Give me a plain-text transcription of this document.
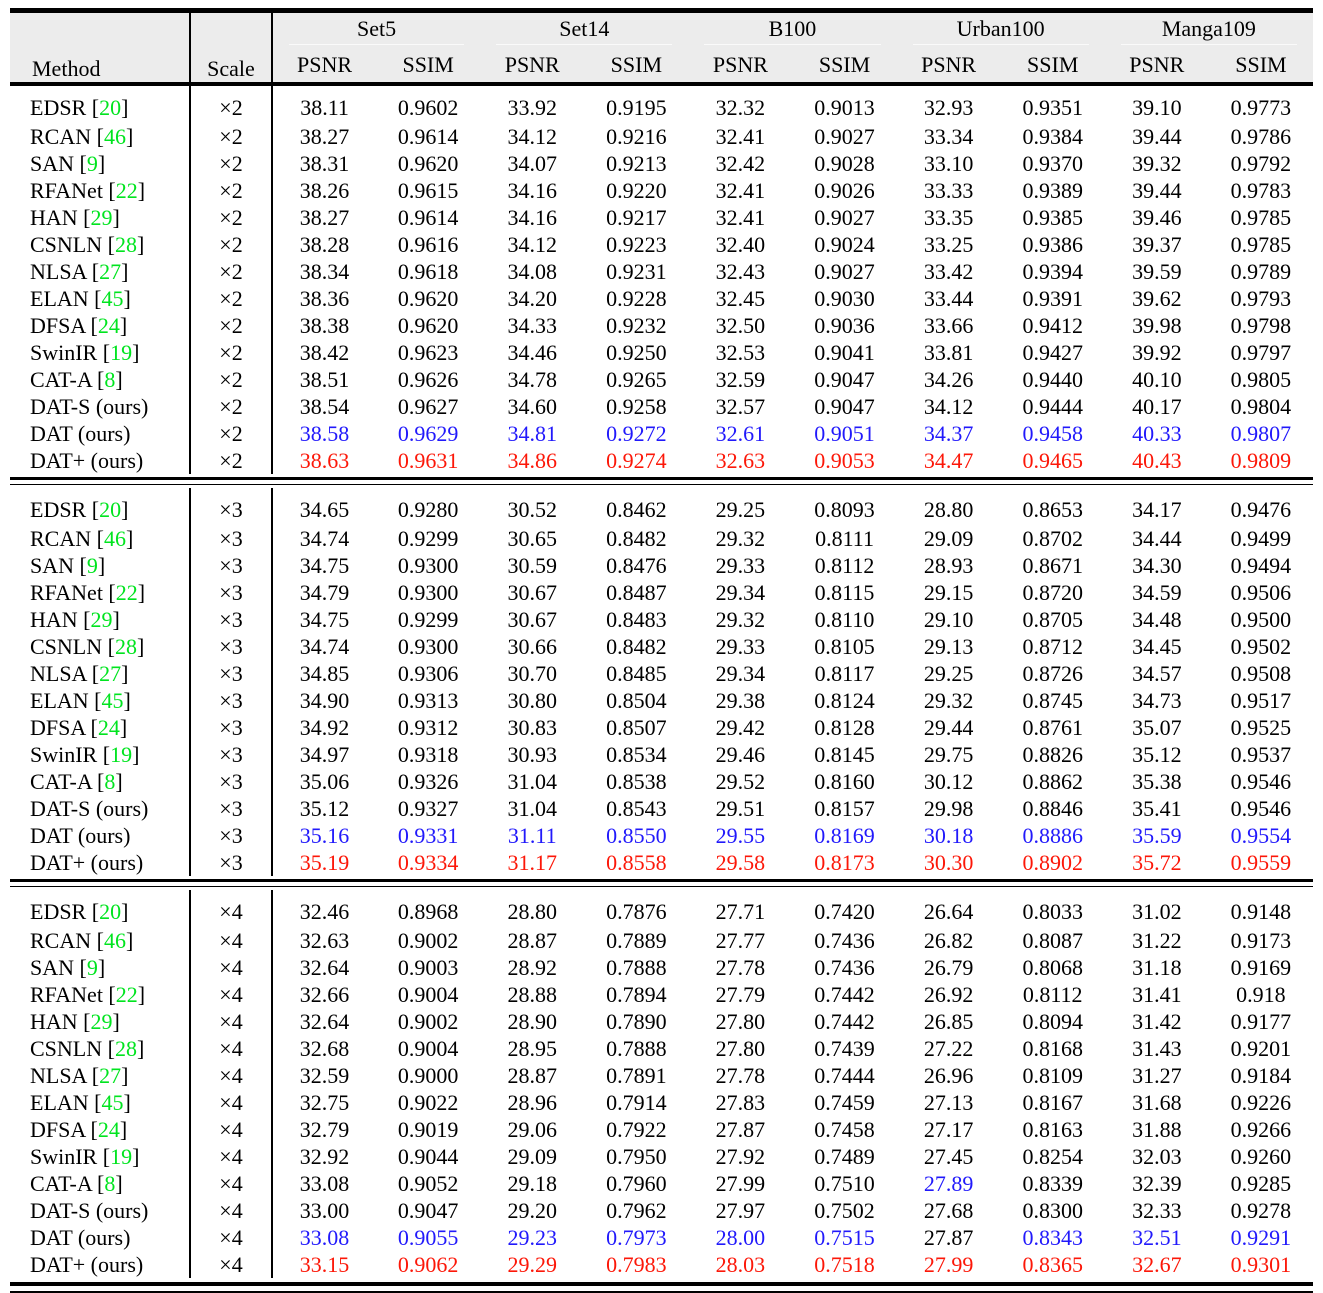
Method	Scale	Set5		Set14		B100		Urban100		Manga109	

		PSNR	SSIM	PSNR	SSIM	PSNR	SSIM	PSNR	SSIM	PSNR	SSIM
EDSR [20]	×2	38.11	0.9602	33.92	0.9195	32.32	0.9013	32.93	0.9351	39.10	0.9773
RCAN [46]	×2	38.27	0.9614	34.12	0.9216	32.41	0.9027	33.34	0.9384	39.44	0.9786
SAN [9]	×2	38.31	0.9620	34.07	0.9213	32.42	0.9028	33.10	0.9370	39.32	0.9792
RFANet [22]	×2	38.26	0.9615	34.16	0.9220	32.41	0.9026	33.33	0.9389	39.44	0.9783
HAN [29]	×2	38.27	0.9614	34.16	0.9217	32.41	0.9027	33.35	0.9385	39.46	0.9785
CSNLN [28]	×2	38.28	0.9616	34.12	0.9223	32.40	0.9024	33.25	0.9386	39.37	0.9785
NLSA [27]	×2	38.34	0.9618	34.08	0.9231	32.43	0.9027	33.42	0.9394	39.59	0.9789
ELAN [45]	×2	38.36	0.9620	34.20	0.9228	32.45	0.9030	33.44	0.9391	39.62	0.9793
DFSA [24]	×2	38.38	0.9620	34.33	0.9232	32.50	0.9036	33.66	0.9412	39.98	0.9798
SwinIR [19]	×2	38.42	0.9623	34.46	0.9250	32.53	0.9041	33.81	0.9427	39.92	0.9797
CAT-A [8]	×2	38.51	0.9626	34.78	0.9265	32.59	0.9047	34.26	0.9440	40.10	0.9805
DAT-S (ours)	×2	38.54	0.9627	34.60	0.9258	32.57	0.9047	34.12	0.9444	40.17	0.9804
DAT (ours)	×2	38.58	0.9629	34.81	0.9272	32.61	0.9051	34.37	0.9458	40.33	0.9807
DAT+ (ours)	×2	38.63	0.9631	34.86	0.9274	32.63	0.9053	34.47	0.9465	40.43	0.9809

EDSR [20]	×3	34.65	0.9280	30.52	0.8462	29.25	0.8093	28.80	0.8653	34.17	0.9476
RCAN [46]	×3	34.74	0.9299	30.65	0.8482	29.32	0.8111	29.09	0.8702	34.44	0.9499
SAN [9]	×3	34.75	0.9300	30.59	0.8476	29.33	0.8112	28.93	0.8671	34.30	0.9494
RFANet [22]	×3	34.79	0.9300	30.67	0.8487	29.34	0.8115	29.15	0.8720	34.59	0.9506
HAN [29]	×3	34.75	0.9299	30.67	0.8483	29.32	0.8110	29.10	0.8705	34.48	0.9500
CSNLN [28]	×3	34.74	0.9300	30.66	0.8482	29.33	0.8105	29.13	0.8712	34.45	0.9502
NLSA [27]	×3	34.85	0.9306	30.70	0.8485	29.34	0.8117	29.25	0.8726	34.57	0.9508
ELAN [45]	×3	34.90	0.9313	30.80	0.8504	29.38	0.8124	29.32	0.8745	34.73	0.9517
DFSA [24]	×3	34.92	0.9312	30.83	0.8507	29.42	0.8128	29.44	0.8761	35.07	0.9525
SwinIR [19]	×3	34.97	0.9318	30.93	0.8534	29.46	0.8145	29.75	0.8826	35.12	0.9537
CAT-A [8]	×3	35.06	0.9326	31.04	0.8538	29.52	0.8160	30.12	0.8862	35.38	0.9546
DAT-S (ours)	×3	35.12	0.9327	31.04	0.8543	29.51	0.8157	29.98	0.8846	35.41	0.9546
DAT (ours)	×3	35.16	0.9331	31.11	0.8550	29.55	0.8169	30.18	0.8886	35.59	0.9554
DAT+ (ours)	×3	35.19	0.9334	31.17	0.8558	29.58	0.8173	30.30	0.8902	35.72	0.9559

EDSR [20]	×4	32.46	0.8968	28.80	0.7876	27.71	0.7420	26.64	0.8033	31.02	0.9148
RCAN [46]	×4	32.63	0.9002	28.87	0.7889	27.77	0.7436	26.82	0.8087	31.22	0.9173
SAN [9]	×4	32.64	0.9003	28.92	0.7888	27.78	0.7436	26.79	0.8068	31.18	0.9169
RFANet [22]	×4	32.66	0.9004	28.88	0.7894	27.79	0.7442	26.92	0.8112	31.41	0.918
HAN [29]	×4	32.64	0.9002	28.90	0.7890	27.80	0.7442	26.85	0.8094	31.42	0.9177
CSNLN [28]	×4	32.68	0.9004	28.95	0.7888	27.80	0.7439	27.22	0.8168	31.43	0.9201
NLSA [27]	×4	32.59	0.9000	28.87	0.7891	27.78	0.7444	26.96	0.8109	31.27	0.9184
ELAN [45]	×4	32.75	0.9022	28.96	0.7914	27.83	0.7459	27.13	0.8167	31.68	0.9226
DFSA [24]	×4	32.79	0.9019	29.06	0.7922	27.87	0.7458	27.17	0.8163	31.88	0.9266
SwinIR [19]	×4	32.92	0.9044	29.09	0.7950	27.92	0.7489	27.45	0.8254	32.03	0.9260
CAT-A [8]	×4	33.08	0.9052	29.18	0.7960	27.99	0.7510	27.89	0.8339	32.39	0.9285
DAT-S (ours)	×4	33.00	0.9047	29.20	0.7962	27.97	0.7502	27.68	0.8300	32.33	0.9278
DAT (ours)	×4	33.08	0.9055	29.23	0.7973	28.00	0.7515	27.87	0.8343	32.51	0.9291
DAT+ (ours)	×4	33.15	0.9062	29.29	0.7983	28.03	0.7518	27.99	0.8365	32.67	0.9301
